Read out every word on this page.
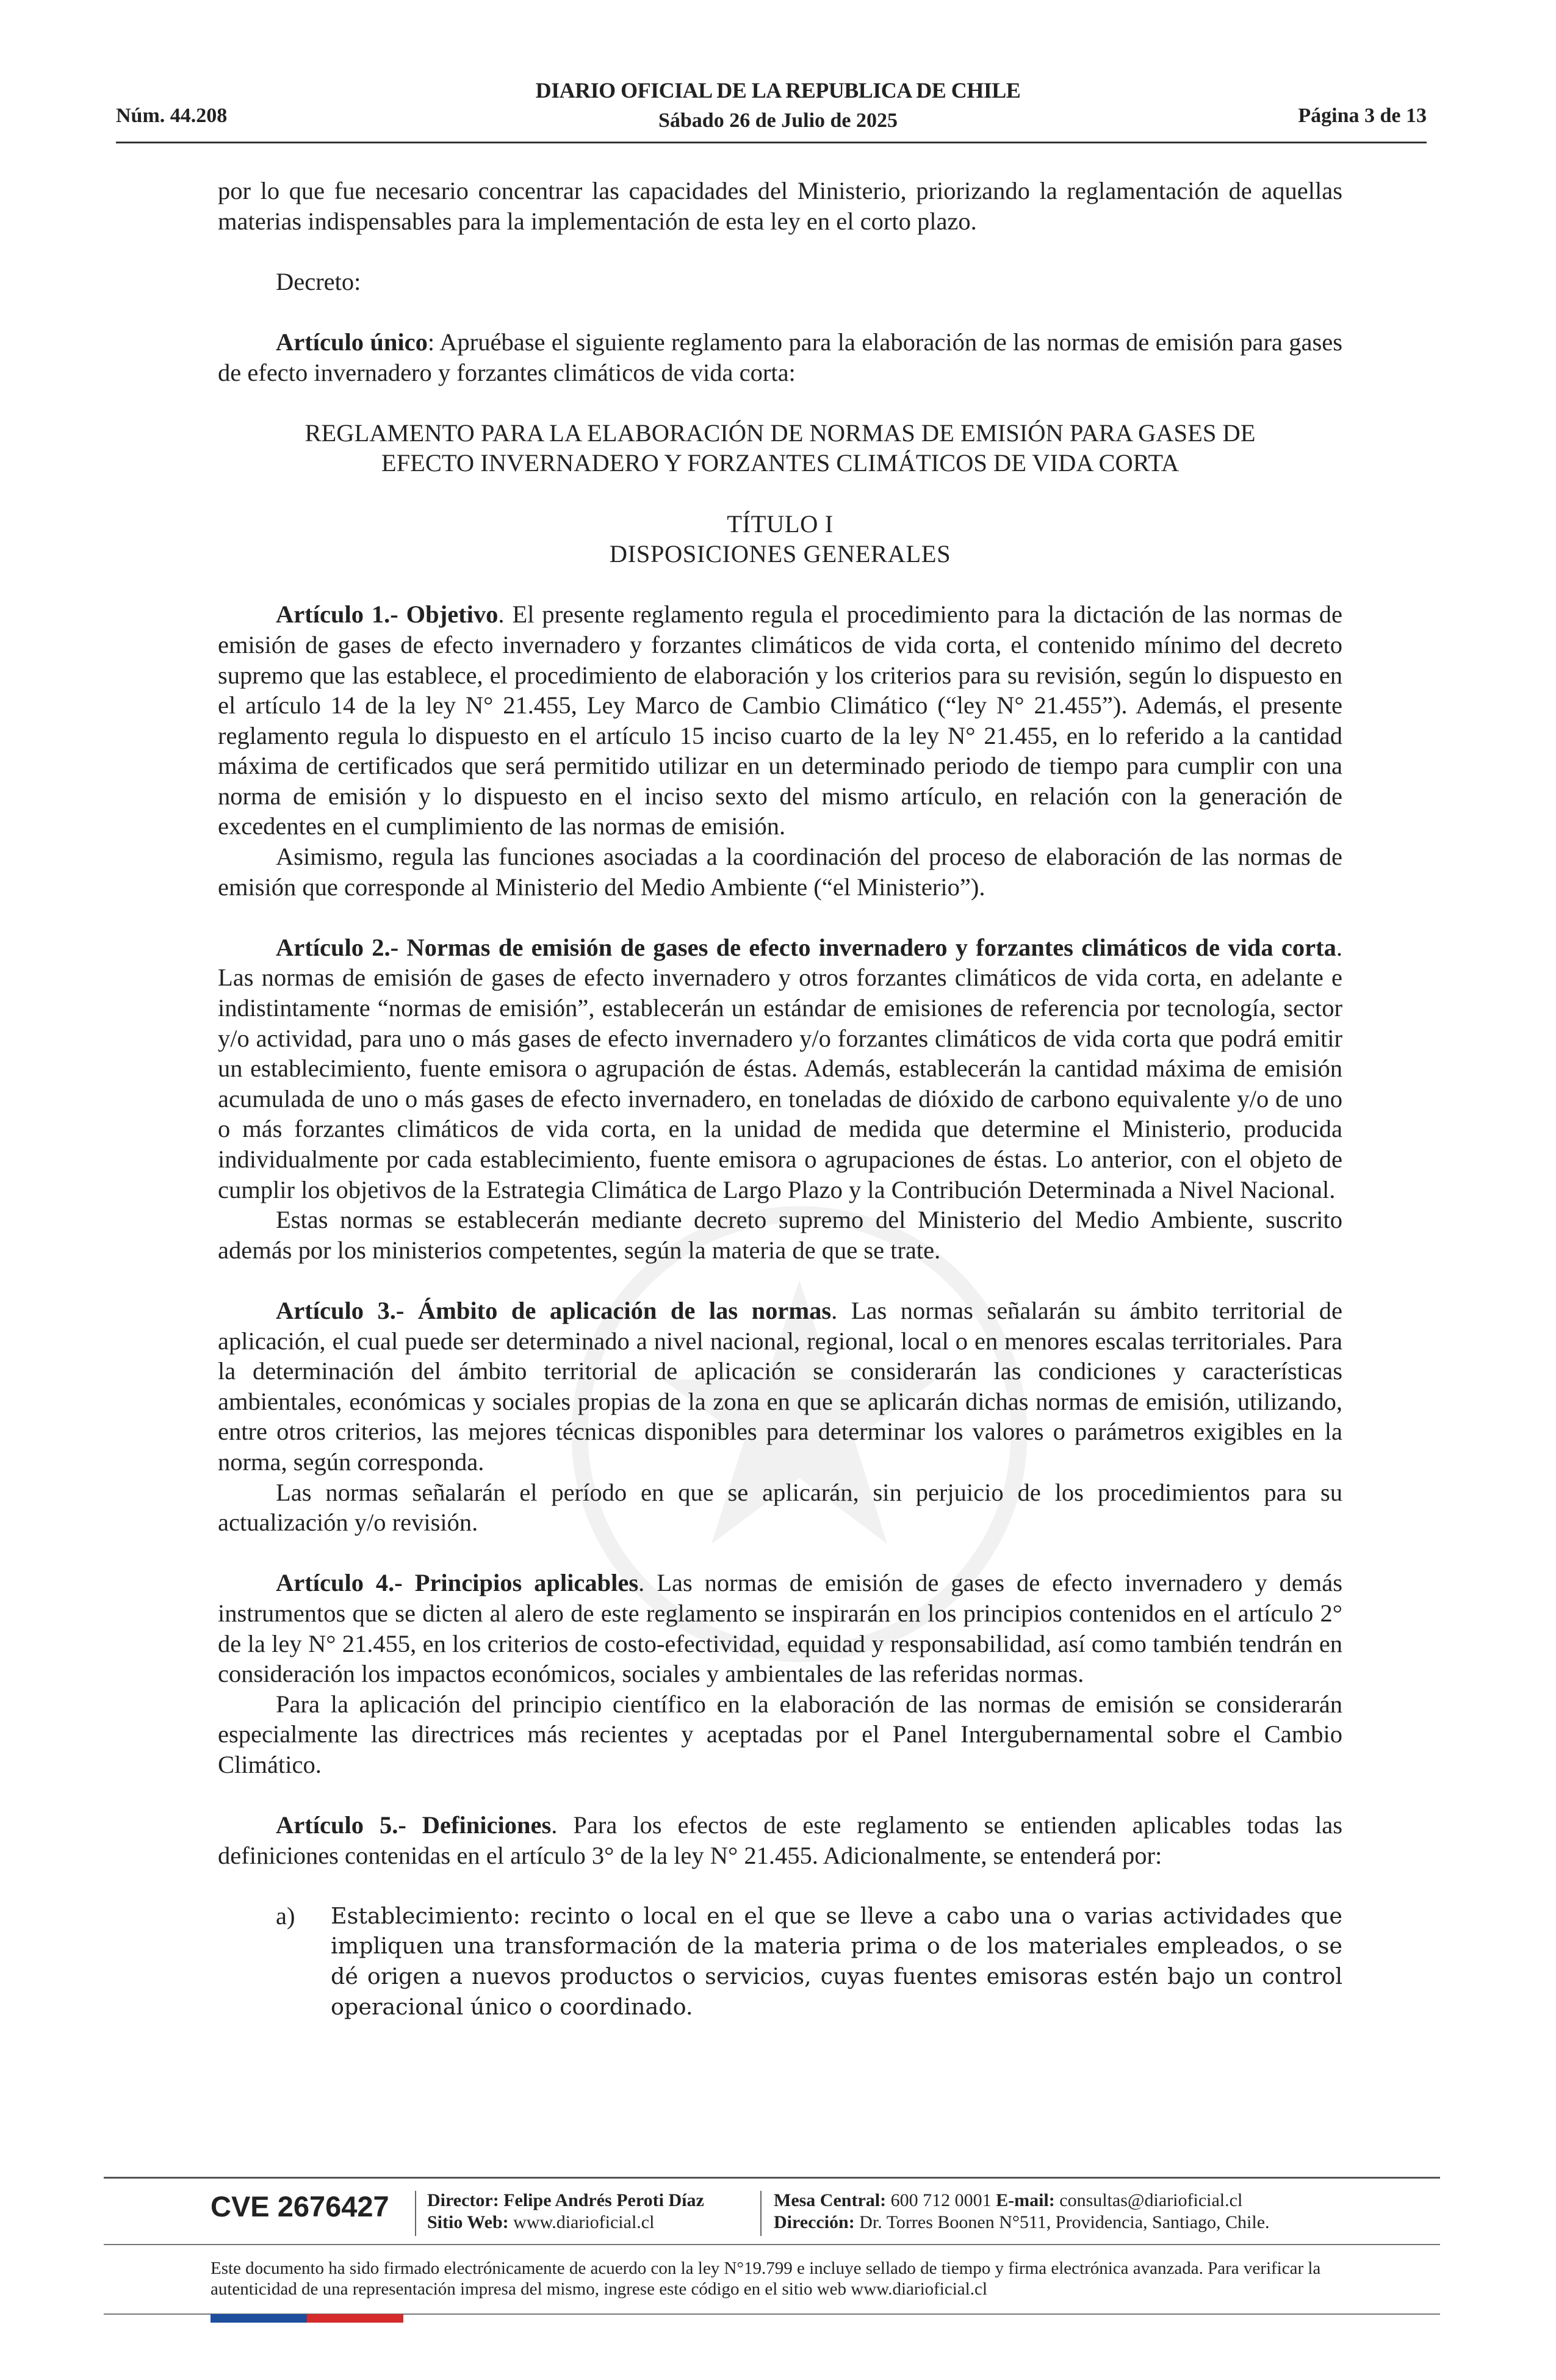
Núm. 44.208
DIARIO OFICIAL DE LA REPUBLICA DE CHILE
Sábado 26 de Julio de 2025	Página 3 de 13

por lo que fue necesario concentrar las capacidades del Ministerio, priorizando la reglamentación de aquellas materias indispensables para la implementación de esta ley en el corto plazo.

Decreto:

Artículo único: Apruébase el siguiente reglamento para la elaboración de las normas de emisión para gases de efecto invernadero y forzantes climáticos de vida corta:

REGLAMENTO PARA LA ELABORACIÓN DE NORMAS DE EMISIÓN PARA GASES DE

EFECTO INVERNADERO Y FORZANTES CLIMÁTICOS DE VIDA CORTA

TÍTULO I

DISPOSICIONES GENERALES

Artículo 1.- Objetivo. El presente reglamento regula el procedimiento para la dictación de las normas de emisión de gases de efecto invernadero y forzantes climáticos de vida corta, el contenido mínimo del decreto supremo que las establece, el procedimiento de elaboración y los criterios para su revisión, según lo dispuesto en el artículo 14 de la ley N° 21.455, Ley Marco de Cambio Climático (“ley N° 21.455”). Además, el presente reglamento regula lo dispuesto en el artículo 15 inciso cuarto de la ley N° 21.455, en lo referido a la cantidad máxima de certificados que será permitido utilizar en un determinado periodo de tiempo para cumplir con una norma de emisión y lo dispuesto en el inciso sexto del mismo artículo, en relación con la generación de excedentes en el cumplimiento de las normas de emisión.

Asimismo, regula las funciones asociadas a la coordinación del proceso de elaboración de las normas de emisión que corresponde al Ministerio del Medio Ambiente (“el Ministerio”).

Artículo 2.- Normas de emisión de gases de efecto invernadero y forzantes climáticos de vida corta. Las normas de emisión de gases de efecto invernadero y otros forzantes climáticos de vida corta, en adelante e indistintamente “normas de emisión”, establecerán un estándar de emisiones de referencia por tecnología, sector y/o actividad, para uno o más gases de efecto invernadero y/o forzantes climáticos de vida corta que podrá emitir un establecimiento, fuente emisora o agrupación de éstas. Además, establecerán la cantidad máxima de emisión acumulada de uno o más gases de efecto invernadero, en toneladas de dióxido de carbono equivalente y/o de uno o más forzantes climáticos de vida corta, en la unidad de medida que determine el Ministerio, producida individualmente por cada establecimiento, fuente emisora o agrupaciones de éstas. Lo anterior, con el objeto de cumplir los objetivos de la Estrategia Climática de Largo Plazo y la Contribución Determinada a Nivel Nacional.

Estas normas se establecerán mediante decreto supremo del Ministerio del Medio Ambiente, suscrito además por los ministerios competentes, según la materia de que se trate.

Artículo 3.- Ámbito de aplicación de las normas. Las normas señalarán su ámbito territorial de aplicación, el cual puede ser determinado a nivel nacional, regional, local o en menores escalas territoriales. Para la determinación del ámbito territorial de aplicación se considerarán las condiciones y características ambientales, económicas y sociales propias de la zona en que se aplicarán dichas normas de emisión, utilizando, entre otros criterios, las mejores técnicas disponibles para determinar los valores o parámetros exigibles en la norma, según corresponda.

Las normas señalarán el período en que se aplicarán, sin perjuicio de los procedimientos para su actualización y/o revisión.

Artículo 4.- Principios aplicables. Las normas de emisión de gases de efecto invernadero y demás instrumentos que se dicten al alero de este reglamento se inspirarán en los principios contenidos en el artículo 2° de la ley N° 21.455, en los criterios de costo-efectividad, equidad y responsabilidad, así como también tendrán en consideración los impactos económicos, sociales y ambientales de las referidas normas.

Para la aplicación del principio científico en la elaboración de las normas de emisión se considerarán especialmente las directrices más recientes y aceptadas por el Panel Intergubernamental sobre el Cambio Climático.

Artículo 5.- Definiciones. Para los efectos de este reglamento se entienden aplicables todas las definiciones contenidas en el artículo 3° de la ley N° 21.455. Adicionalmente, se entenderá por:

a) Establecimiento: recinto o local en el que se lleve a cabo una o varias actividades que impliquen una transformación de la materia prima o de los materiales empleados, o se dé origen a nuevos productos o servicios, cuyas fuentes emisoras estén bajo un control operacional único o coordinado.
CVE 2676427 Director: Felipe Andrés Peroti Díaz
Sitio Web: www.diarioficial.cl
Mesa Central: 600 712 0001 E-mail: consultas@diarioficial.cl
Dirección: Dr. Torres Boonen N°511, Providencia, Santiago, Chile.
Este documento ha sido firmado electrónicamente de acuerdo con la ley N°19.799 e incluye sellado de tiempo y firma electrónica avanzada. Para verificar la autenticidad de una representación impresa del mismo, ingrese este código en el sitio web www.diarioficial.cl
